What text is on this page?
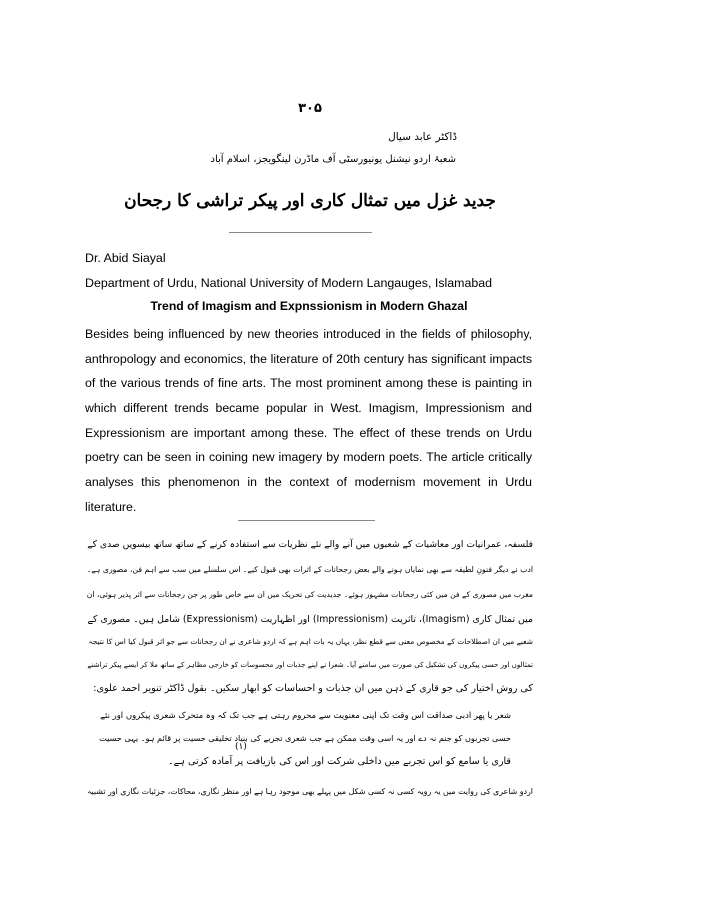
۳۰۵
ڈاکٹر عابد سیال
شعبۂ اردو نیشنل یونیورسٹی آف ماڈرن لینگویجز، اسلام آباد
جدید غزل میں تمثال کاری اور پیکر تراشی کا رجحان
Dr. Abid Siayal
Department of Urdu, National University of Modern Langauges, Islamabad
Trend of Imagism and Expnssionism in Modern Ghazal
Besides being influenced by new theories introduced in the fields of philosophy,
anthropology and economics, the literature of 20th century has significant impacts
of the various trends of fine arts. The most prominent among these is painting in
which different trends became popular in West. Imagism, Impressionism and
Expressionism are important among these. The effect of these trends on Urdu
poetry can be seen in coining new imagery by modern poets. The article critically
analyses this phenomenon in the context of modernism movement in Urdu
literature.
فلسفہ، عمرانیات اور معاشیات کے شعبوں میں آنے والے نئے نظریات سے استفادہ کرنے کے ساتھ ساتھ بیسویں صدی کے
ادب نے دیگر فنونِ لطیفہ سے بھی نمایاں ہونے والے بعض رجحانات کے اثرات بھی قبول کیے۔ اس سلسلے میں سب سے اہم فن، مصوری ہے۔
مغرب میں مصوری کے فن میں کئی رجحانات مشہور ہوئے۔ جدیدیت کی تحریک میں ان سے خاص طور پر جن رجحانات سے اثر پذیر ہوئی، ان
میں تمثال کاری (Imagism)، تاثریت (Impressionism) اور اظہاریت (Expressionism) شامل ہیں۔ مصوری کے
شعبے میں ان اصطلاحات کے مخصوص معنی سے قطع نظر، یہاں یہ بات اہم ہے کہ اردو شاعری نے ان رجحانات سے جو اثر قبول کیا اس کا نتیجہ
تمثالوں اور حسی پیکروں کی تشکیل کی صورت میں سامنے آیا۔ شعرا نے اپنے جذبات اور محسوسات کو خارجی مظاہر کے ساتھ ملا کر ایسے پیکر تراشنے
کی روش اختیار کی جو قاری کے ذہن میں ان جذبات و احساسات کو ابھار سکیں۔ بقول ڈاکٹر تنویر احمد علوی:
شعر یا پھر ادبی صداقت اس وقت تک اپنی معنویت سے محروم رہتی ہے جب تک کہ وہ متحرک شعری پیکروں اور نئے
حسی تجربوں کو جنم نہ دے اور یہ اسی وقت ممکن ہے جب شعری تجربے کی بنیاد تخلیقی حسیت پر قائم ہو۔ یہی حسیت
قاری یا سامع کو اس تجربے میں داخلی شرکت اور اس کی بازیافت پر آمادہ کرتی ہے۔
(۱)
اردو شاعری کی روایت میں یہ رویہ کسی نہ کسی شکل میں پہلے بھی موجود رہا ہے اور منظر نگاری، محاکات، جزئیات نگاری اور تشبیہ
